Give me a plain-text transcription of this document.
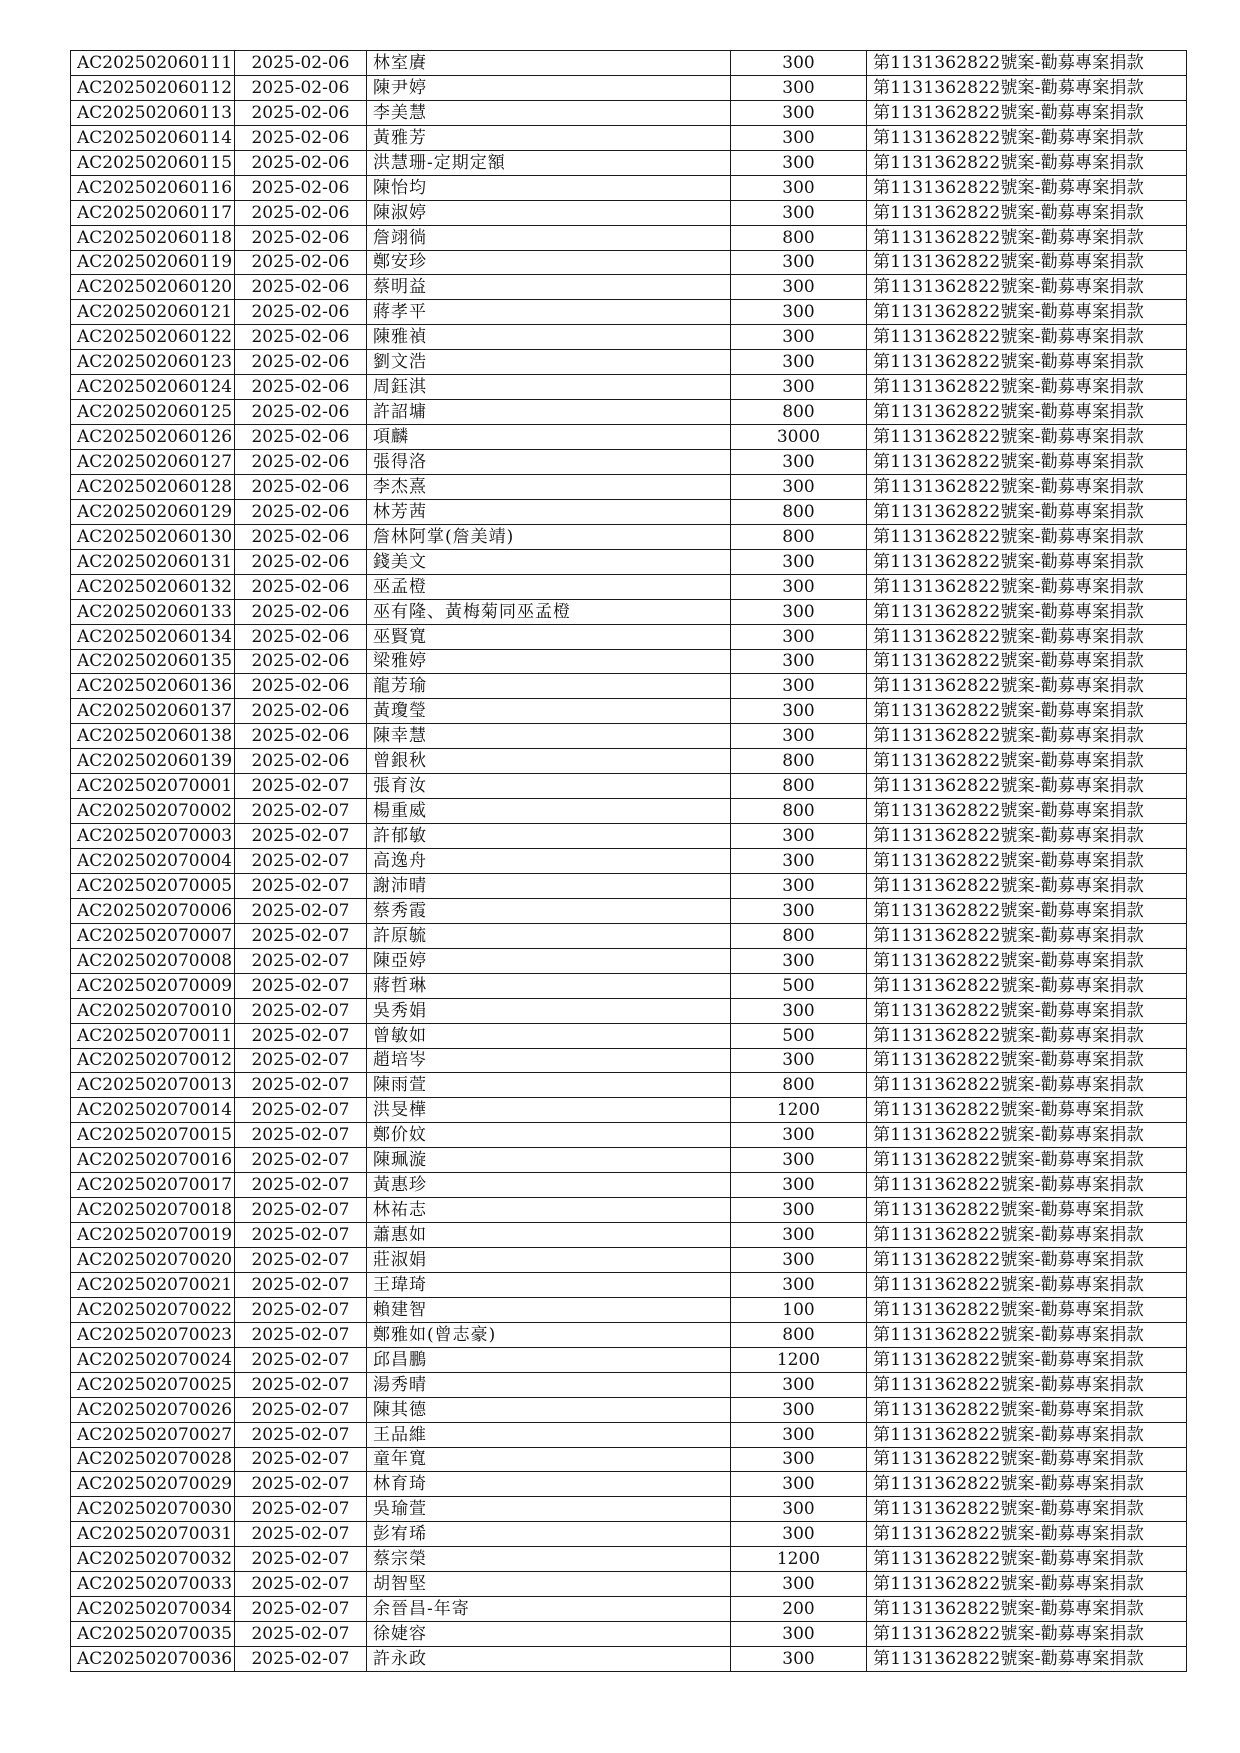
AC202502060111	2025-02-06	林室賡	300	第1131362822號案-勸募專案捐款
AC202502060112	2025-02-06	陳尹婷	300	第1131362822號案-勸募專案捐款
AC202502060113	2025-02-06	李美慧	300	第1131362822號案-勸募專案捐款
AC202502060114	2025-02-06	黃雅芳	300	第1131362822號案-勸募專案捐款
AC202502060115	2025-02-06	洪慧珊-定期定額	300	第1131362822號案-勸募專案捐款
AC202502060116	2025-02-06	陳怡均	300	第1131362822號案-勸募專案捐款
AC202502060117	2025-02-06	陳淑婷	300	第1131362822號案-勸募專案捐款
AC202502060118	2025-02-06	詹翊徜	800	第1131362822號案-勸募專案捐款
AC202502060119	2025-02-06	鄭安珍	300	第1131362822號案-勸募專案捐款
AC202502060120	2025-02-06	蔡明益	300	第1131362822號案-勸募專案捐款
AC202502060121	2025-02-06	蔣孝平	300	第1131362822號案-勸募專案捐款
AC202502060122	2025-02-06	陳雅禎	300	第1131362822號案-勸募專案捐款
AC202502060123	2025-02-06	劉文浩	300	第1131362822號案-勸募專案捐款
AC202502060124	2025-02-06	周鈺淇	300	第1131362822號案-勸募專案捐款
AC202502060125	2025-02-06	許詔墉	800	第1131362822號案-勸募專案捐款
AC202502060126	2025-02-06	項麟	3000	第1131362822號案-勸募專案捐款
AC202502060127	2025-02-06	張得洛	300	第1131362822號案-勸募專案捐款
AC202502060128	2025-02-06	李杰熹	300	第1131362822號案-勸募專案捐款
AC202502060129	2025-02-06	林芳茜	800	第1131362822號案-勸募專案捐款
AC202502060130	2025-02-06	詹林阿掌(詹美靖)	800	第1131362822號案-勸募專案捐款
AC202502060131	2025-02-06	錢美文	300	第1131362822號案-勸募專案捐款
AC202502060132	2025-02-06	巫孟橙	300	第1131362822號案-勸募專案捐款
AC202502060133	2025-02-06	巫有隆、黃梅菊同巫孟橙	300	第1131362822號案-勸募專案捐款
AC202502060134	2025-02-06	巫賢寬	300	第1131362822號案-勸募專案捐款
AC202502060135	2025-02-06	梁雅婷	300	第1131362822號案-勸募專案捐款
AC202502060136	2025-02-06	龍芳瑜	300	第1131362822號案-勸募專案捐款
AC202502060137	2025-02-06	黃瓊瑩	300	第1131362822號案-勸募專案捐款
AC202502060138	2025-02-06	陳幸慧	300	第1131362822號案-勸募專案捐款
AC202502060139	2025-02-06	曾銀秋	800	第1131362822號案-勸募專案捐款
AC202502070001	2025-02-07	張育汝	800	第1131362822號案-勸募專案捐款
AC202502070002	2025-02-07	楊重威	800	第1131362822號案-勸募專案捐款
AC202502070003	2025-02-07	許郁敏	300	第1131362822號案-勸募專案捐款
AC202502070004	2025-02-07	高逸舟	300	第1131362822號案-勸募專案捐款
AC202502070005	2025-02-07	謝沛晴	300	第1131362822號案-勸募專案捐款
AC202502070006	2025-02-07	蔡秀霞	300	第1131362822號案-勸募專案捐款
AC202502070007	2025-02-07	許原毓	800	第1131362822號案-勸募專案捐款
AC202502070008	2025-02-07	陳亞婷	300	第1131362822號案-勸募專案捐款
AC202502070009	2025-02-07	蔣哲琳	500	第1131362822號案-勸募專案捐款
AC202502070010	2025-02-07	吳秀娟	300	第1131362822號案-勸募專案捐款
AC202502070011	2025-02-07	曾敏如	500	第1131362822號案-勸募專案捐款
AC202502070012	2025-02-07	趙培岑	300	第1131362822號案-勸募專案捐款
AC202502070013	2025-02-07	陳雨萱	800	第1131362822號案-勸募專案捐款
AC202502070014	2025-02-07	洪旻樺	1200	第1131362822號案-勸募專案捐款
AC202502070015	2025-02-07	鄭价妏	300	第1131362822號案-勸募專案捐款
AC202502070016	2025-02-07	陳珮漩	300	第1131362822號案-勸募專案捐款
AC202502070017	2025-02-07	黃惠珍	300	第1131362822號案-勸募專案捐款
AC202502070018	2025-02-07	林祐志	300	第1131362822號案-勸募專案捐款
AC202502070019	2025-02-07	蕭惠如	300	第1131362822號案-勸募專案捐款
AC202502070020	2025-02-07	莊淑娟	300	第1131362822號案-勸募專案捐款
AC202502070021	2025-02-07	王瑋琦	300	第1131362822號案-勸募專案捐款
AC202502070022	2025-02-07	賴建智	100	第1131362822號案-勸募專案捐款
AC202502070023	2025-02-07	鄭雅如(曾志豪)	800	第1131362822號案-勸募專案捐款
AC202502070024	2025-02-07	邱昌鵬	1200	第1131362822號案-勸募專案捐款
AC202502070025	2025-02-07	湯秀晴	300	第1131362822號案-勸募專案捐款
AC202502070026	2025-02-07	陳其德	300	第1131362822號案-勸募專案捐款
AC202502070027	2025-02-07	王品維	300	第1131362822號案-勸募專案捐款
AC202502070028	2025-02-07	童年寬	300	第1131362822號案-勸募專案捐款
AC202502070029	2025-02-07	林育琦	300	第1131362822號案-勸募專案捐款
AC202502070030	2025-02-07	吳瑜萱	300	第1131362822號案-勸募專案捐款
AC202502070031	2025-02-07	彭宥琋	300	第1131362822號案-勸募專案捐款
AC202502070032	2025-02-07	蔡宗榮	1200	第1131362822號案-勸募專案捐款
AC202502070033	2025-02-07	胡智堅	300	第1131362822號案-勸募專案捐款
AC202502070034	2025-02-07	余晉昌-年寄	200	第1131362822號案-勸募專案捐款
AC202502070035	2025-02-07	徐婕容	300	第1131362822號案-勸募專案捐款
AC202502070036	2025-02-07	許永政	300	第1131362822號案-勸募專案捐款
